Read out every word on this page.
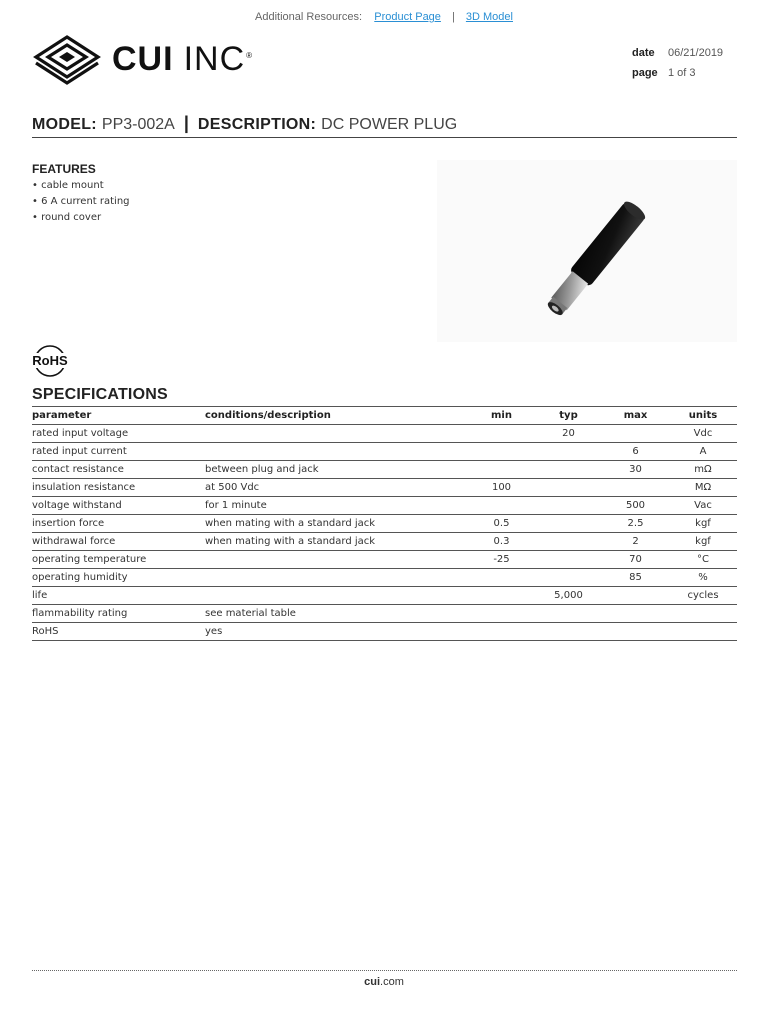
Additional Resources: Product Page | 3D Model
CUI INC®	date	06/21/2019
page 1 of 3
MODEL: PP3-002A | DESCRIPTION: DC POWER PLUG
FEATURES
• cable mount
• 6 A current rating
• round cover
RoHS
SPECIFICATIONS
parameter	conditions/description	min	typ	max	units
rated input voltage			20		Vdc
rated input current				6	A
contact resistance	between plug and jack			30	mΩ
insulation resistance	at 500 Vdc	100			MΩ
voltage withstand	for 1 minute			500	Vac
insertion force	when mating with a standard jack	0.5		2.5	kgf
withdrawal force	when mating with a standard jack	0.3		2	kgf
operating temperature		-25		70	°C
operating humidity				85	%
life			5,000		cycles
flammability rating	see material table				
RoHS	yes				
cui.com
